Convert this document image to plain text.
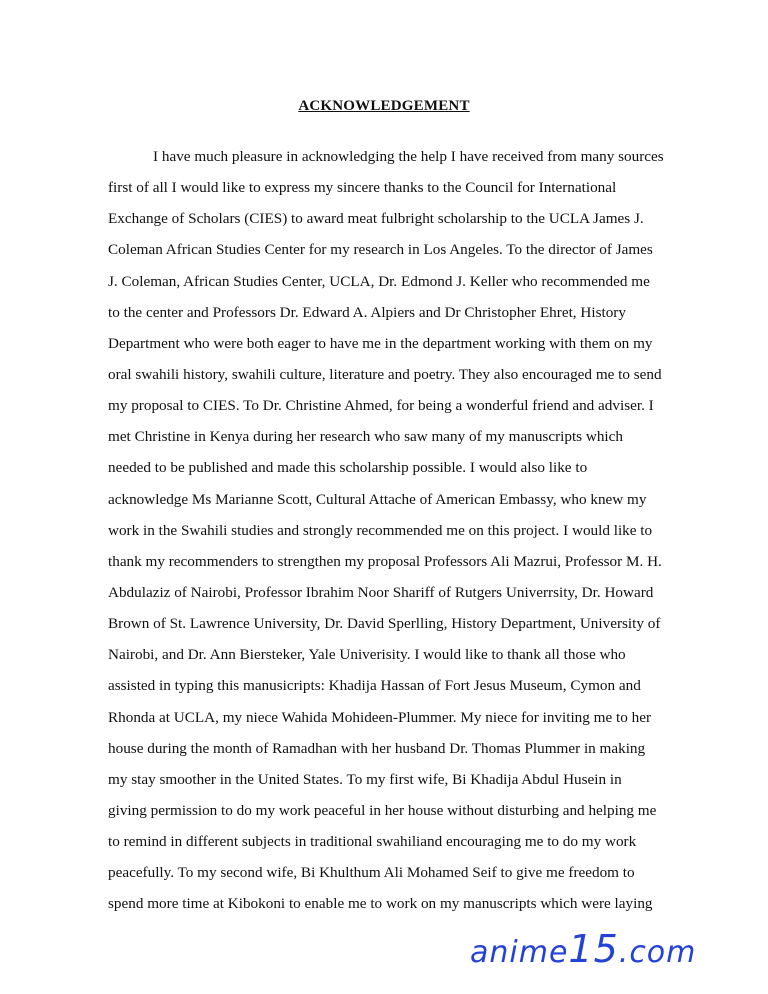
ACKNOWLEDGEMENT
I have much pleasure in acknowledging the help I have received from many sources
first of all I would like to express my sincere thanks to the Council for International
Exchange of Scholars (CIES) to award meat fulbright scholarship to the UCLA James J.
Coleman African Studies Center for my research in Los Angeles. To the director of James
J. Coleman, African Studies Center, UCLA, Dr. Edmond J. Keller who recommended me
to the center and Professors Dr. Edward A. Alpiers and Dr Christopher Ehret, History
Department who were both eager to have me in the department working with them on my
oral swahili history, swahili culture, literature and poetry. They also encouraged me to send
my proposal to CIES. To Dr. Christine Ahmed, for being a wonderful friend and adviser. I
met Christine in Kenya during her research who saw many of my manuscripts which
needed to be published and made this scholarship possible. I would also like to
acknowledge Ms Marianne Scott, Cultural Attache of American Embassy, who knew my
work in the Swahili studies and strongly recommended me on this project. I would like to
thank my recommenders to strengthen my proposal Professors Ali Mazrui, Professor M. H.
Abdulaziz of Nairobi, Professor Ibrahim Noor Shariff of Rutgers Univerrsity, Dr. Howard
Brown of St. Lawrence University, Dr. David Sperlling, History Department, University of
Nairobi, and Dr. Ann Biersteker, Yale Univerisity. I would like to thank all those who
assisted in typing this manusicripts: Khadija Hassan of Fort Jesus Museum, Cymon and
Rhonda at UCLA, my niece Wahida Mohideen-Plummer. My niece for inviting me to her
house during the month of Ramadhan with her husband Dr. Thomas Plummer in making
my stay smoother in the United States. To my first wife, Bi Khadija Abdul Husein in
giving permission to do my work peaceful in her house without disturbing and helping me
to remind in different subjects in traditional swahiliand encouraging me to do my work
peacefully. To my second wife, Bi Khulthum Ali Mohamed Seif to give me freedom to
spend more time at Kibokoni to enable me to work on my manuscripts which were laying
anime15.com
